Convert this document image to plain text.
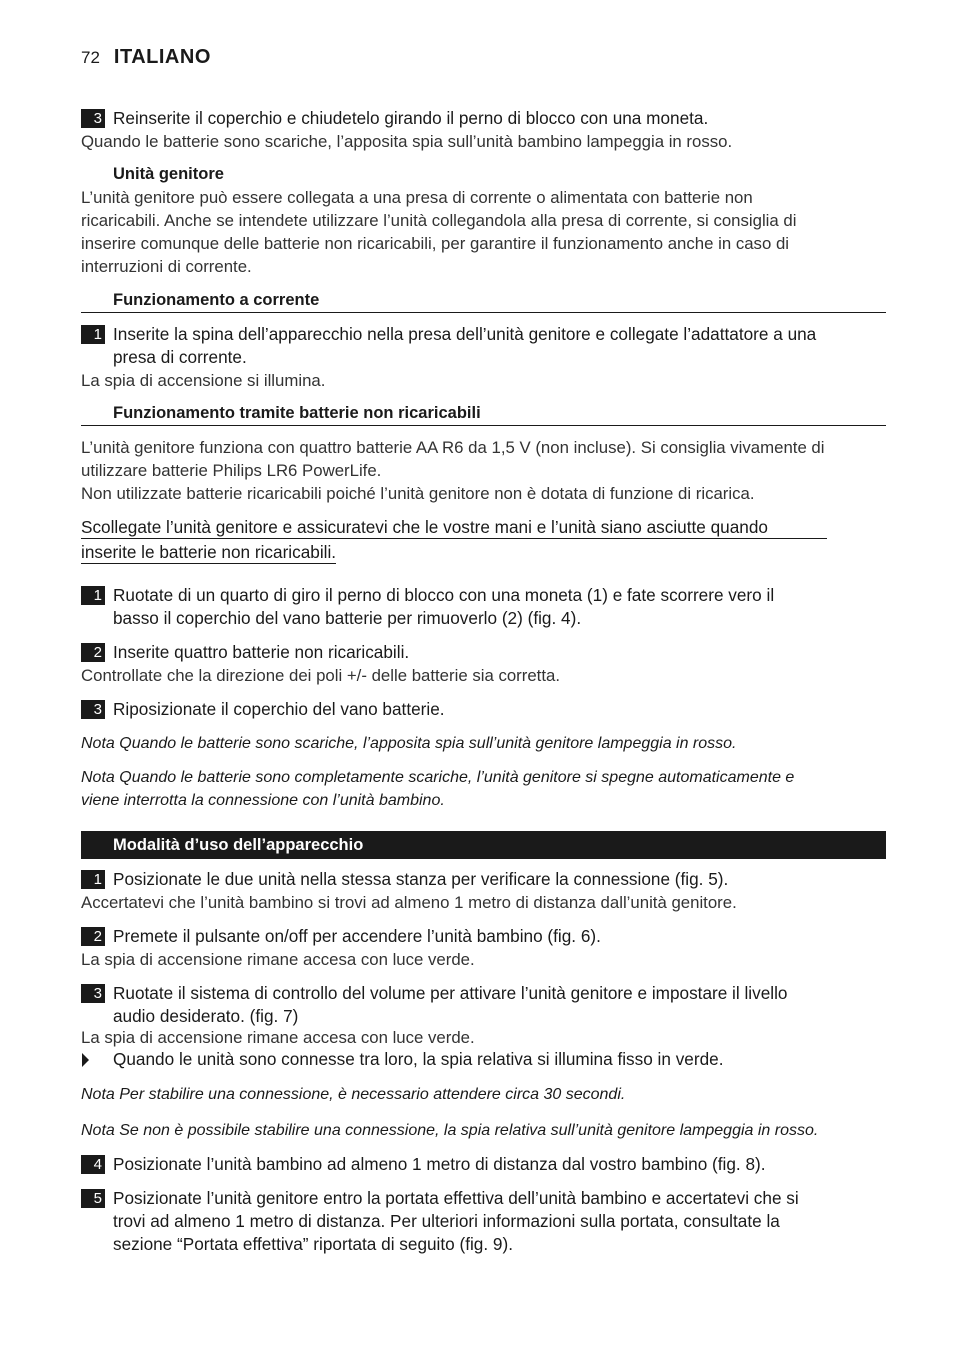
72 ITALIANO
3 Reinserite il coperchio e chiudetelo girando il perno di blocco con una moneta.
Quando le batterie sono scariche, l’apposita spia sull’unità bambino lampeggia in rosso.
Unità genitore
L’unità genitore può essere collegata a una presa di corrente o alimentata con batterie non
ricaricabili. Anche se intendete utilizzare l’unità collegandola alla presa di corrente, si consiglia di
inserire comunque delle batterie non ricaricabili, per garantire il funzionamento anche in caso di
interruzioni di corrente.
Funzionamento a corrente
1 Inserite la spina dell’apparecchio nella presa dell’unità genitore e collegate l’adattatore a una
presa di corrente.
La spia di accensione si illumina.
Funzionamento tramite batterie non ricaricabili
L’unità genitore funziona con quattro batterie AA R6 da 1,5 V (non incluse). Si consiglia vivamente di
utilizzare batterie Philips LR6 PowerLife.
Non utilizzate batterie ricaricabili poiché l’unità genitore non è dotata di funzione di ricarica.
Scollegate l’unità genitore e assicuratevi che le vostre mani e l’unità siano asciutte quando
inserite le batterie non ricaricabili.
1 Ruotate di un quarto di giro il perno di blocco con una moneta (1) e fate scorrere vero il
basso il coperchio del vano batterie per rimuoverlo (2) (fig. 4).
2 Inserite quattro batterie non ricaricabili.
Controllate che la direzione dei poli +/- delle batterie sia corretta.
3 Riposizionate il coperchio del vano batterie.
Nota Quando le batterie sono scariche, l’apposita spia sull’unità genitore lampeggia in rosso.
Nota Quando le batterie sono completamente scariche, l’unità genitore si spegne automaticamente e
viene interrotta la connessione con l’unità bambino.
Modalità d’uso dell’apparecchio
1 Posizionate le due unità nella stessa stanza per verificare la connessione (fig. 5).
Accertatevi che l’unità bambino si trovi ad almeno 1 metro di distanza dall’unità genitore.
2 Premete il pulsante on/off per accendere l’unità bambino (fig. 6).
La spia di accensione rimane accesa con luce verde.
3 Ruotate il sistema di controllo del volume per attivare l’unità genitore e impostare il livello
audio desiderato. (fig. 7)
La spia di accensione rimane accesa con luce verde.
Quando le unità sono connesse tra loro, la spia relativa si illumina fisso in verde.
Nota Per stabilire una connessione, è necessario attendere circa 30 secondi.
Nota Se non è possibile stabilire una connessione, la spia relativa sull’unità genitore lampeggia in rosso.
4 Posizionate l’unità bambino ad almeno 1 metro di distanza dal vostro bambino (fig. 8).
5 Posizionate l’unità genitore entro la portata effettiva dell’unità bambino e accertatevi che si
trovi ad almeno 1 metro di distanza. Per ulteriori informazioni sulla portata, consultate la
sezione “Portata effettiva” riportata di seguito (fig. 9).
